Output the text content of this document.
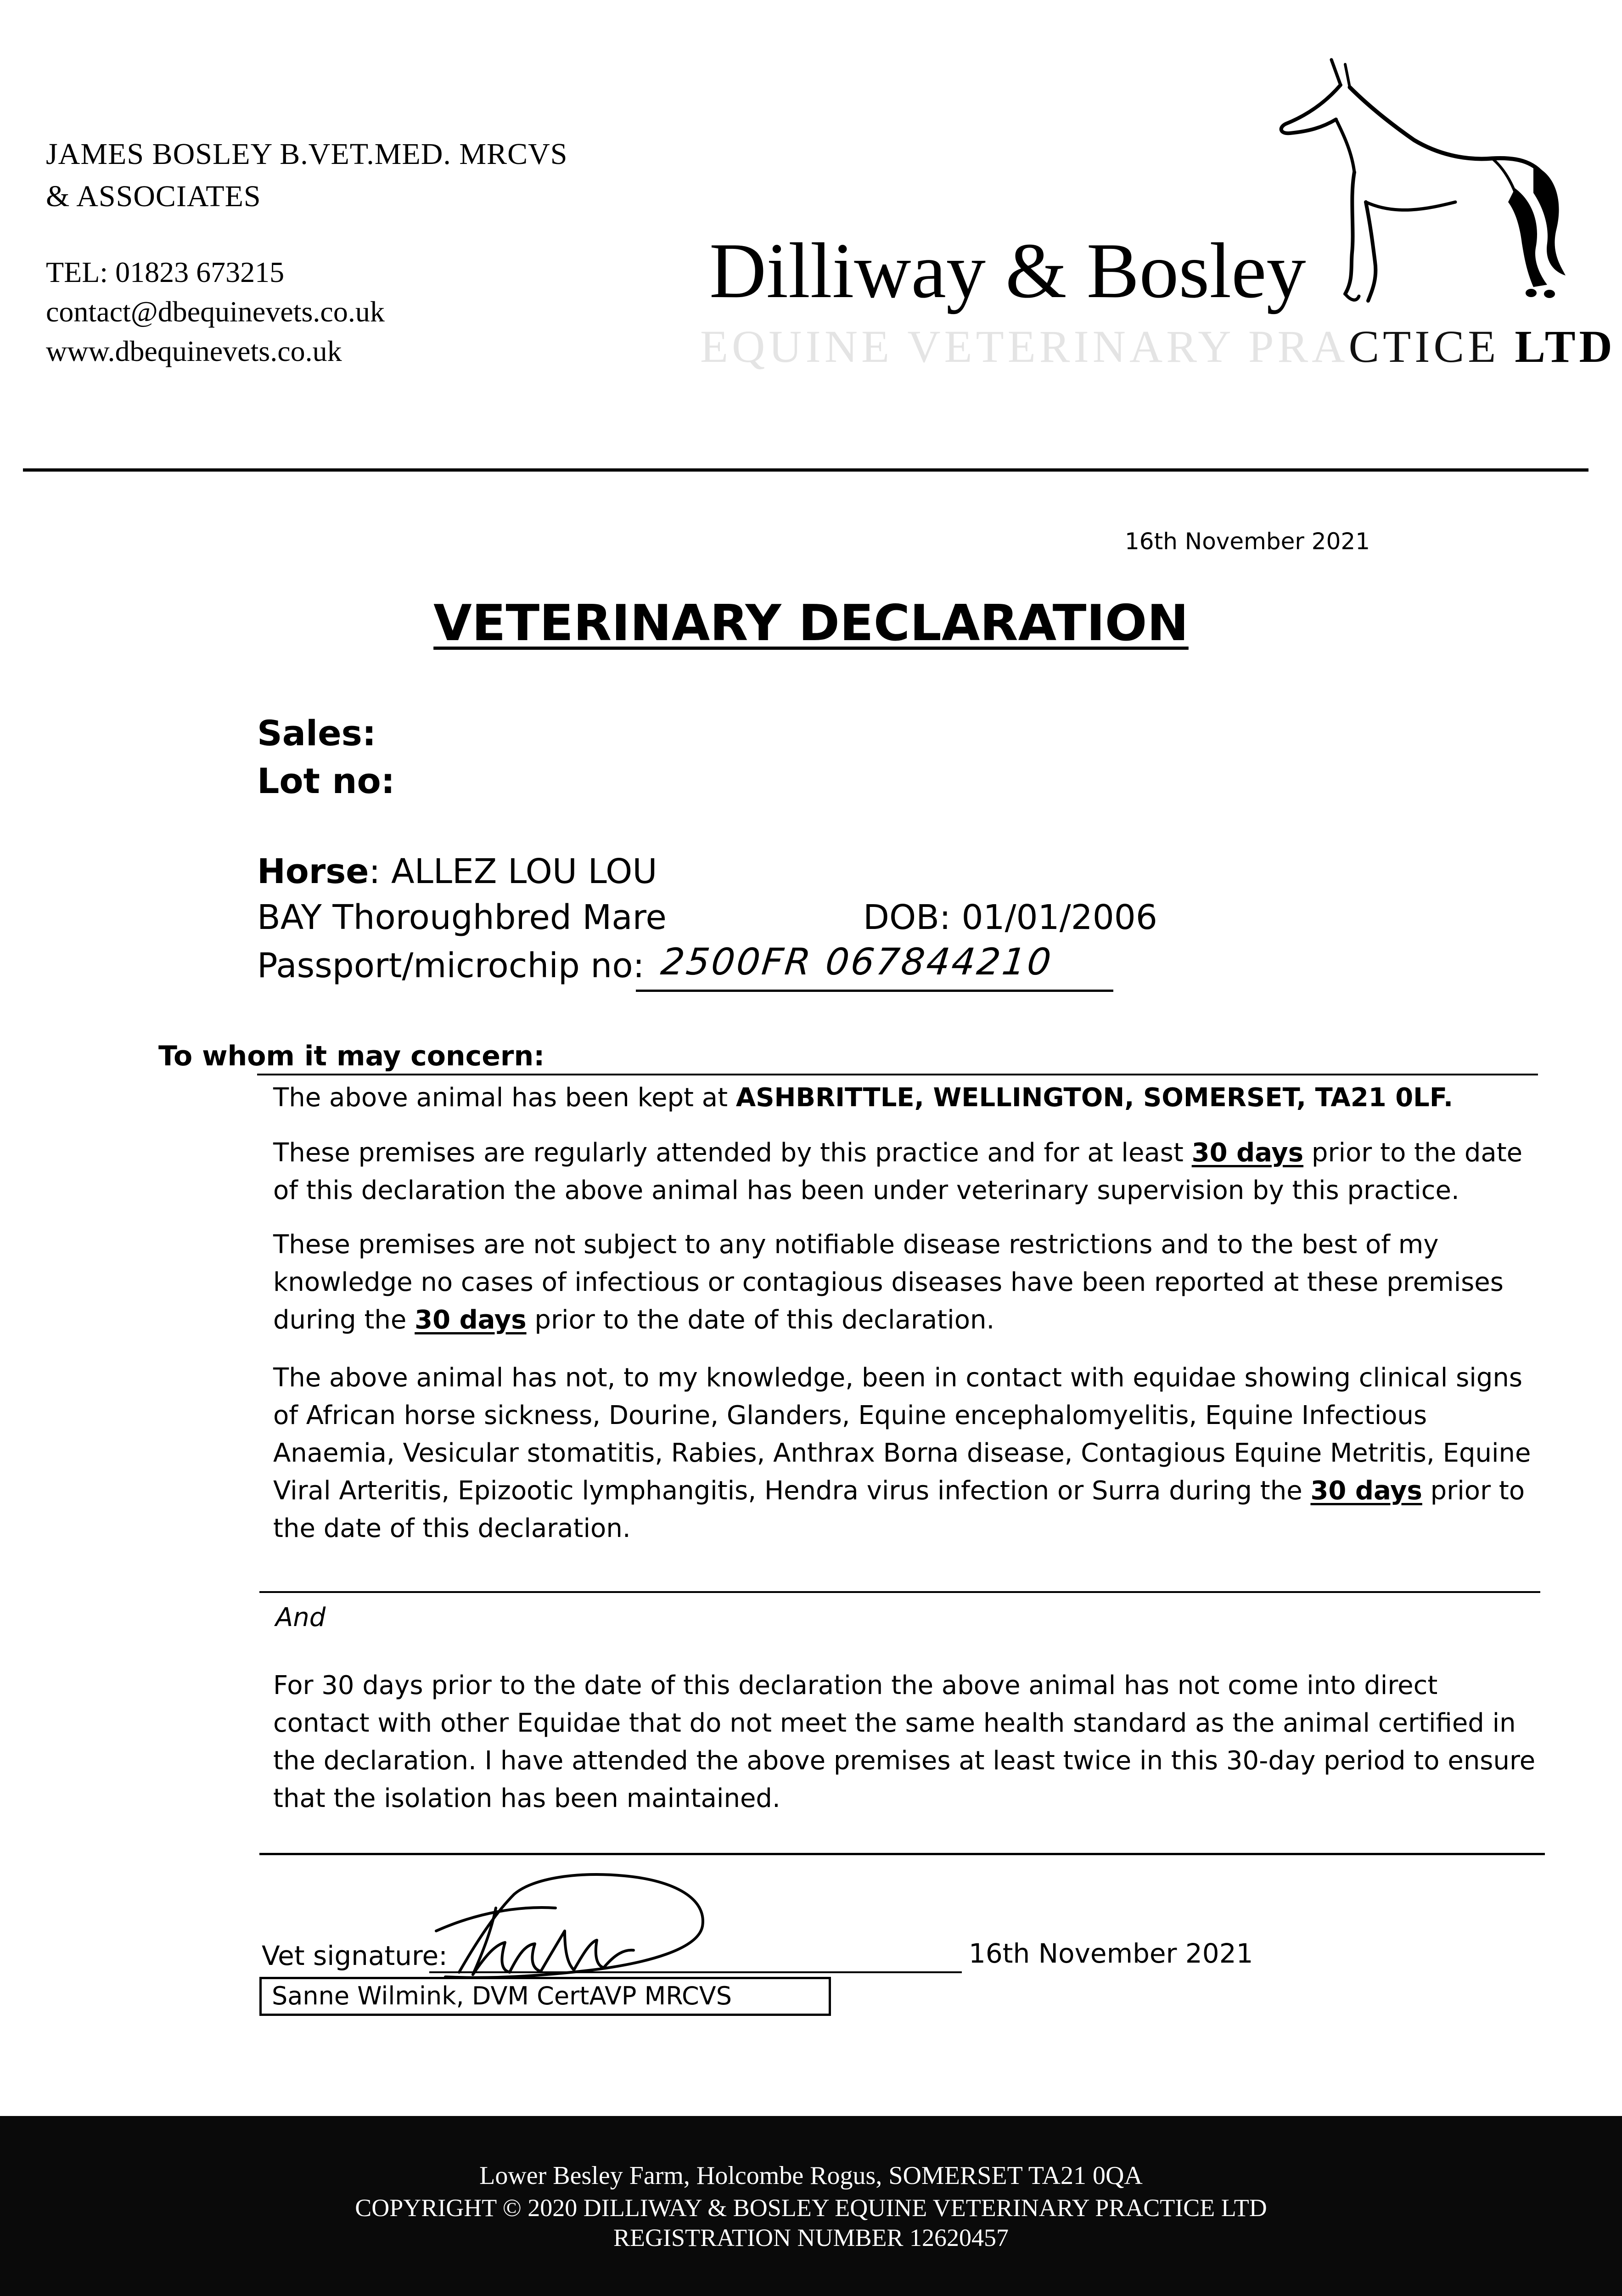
JAMES BOSLEY B.VET.MED. MRCVS
& ASSOCIATES
TEL: 01823 673215
contact@dbequinevets.co.uk
www.dbequinevets.co.uk
Dilliway & Bosley
EQUINE VETERINARY PRACTICE LTD
16th November 2021
VETERINARY DECLARATION
Sales:
Lot no:
Horse: ALLEZ LOU LOU
BAY Thoroughbred Mare	DOB: 01/01/2006
Passport/microchip no: 2500FR 067844210
To whom it may concern:
The above animal has been kept at ASHBRITTLE, WELLINGTON, SOMERSET, TA21 0LF.
These premises are regularly attended by this practice and for at least 30 days prior to the date of this declaration the above animal has been under veterinary supervision by this practice.
These premises are not subject to any notifiable disease restrictions and to the best of my knowledge no cases of infectious or contagious diseases have been reported at these premises during the 30 days prior to the date of this declaration.
The above animal has not, to my knowledge, been in contact with equidae showing clinical signs of African horse sickness, Dourine, Glanders, Equine encephalomyelitis, Equine Infectious Anaemia, Vesicular stomatitis, Rabies, Anthrax Borna disease, Contagious Equine Metritis, Equine Viral Arteritis, Epizootic lymphangitis, Hendra virus infection or Surra during the 30 days prior to the date of this declaration.
And
For 30 days prior to the date of this declaration the above animal has not come into direct contact with other Equidae that do not meet the same health standard as the animal certified in the declaration. I have attended the above premises at least twice in this 30-day period to ensure that the isolation has been maintained.
Vet signature:	16th November 2021
Sanne Wilmink, DVM CertAVP MRCVS
Lower Besley Farm, Holcombe Rogus, SOMERSET TA21 0QA
COPYRIGHT © 2020 DILLIWAY & BOSLEY EQUINE VETERINARY PRACTICE LTD
REGISTRATION NUMBER 12620457
